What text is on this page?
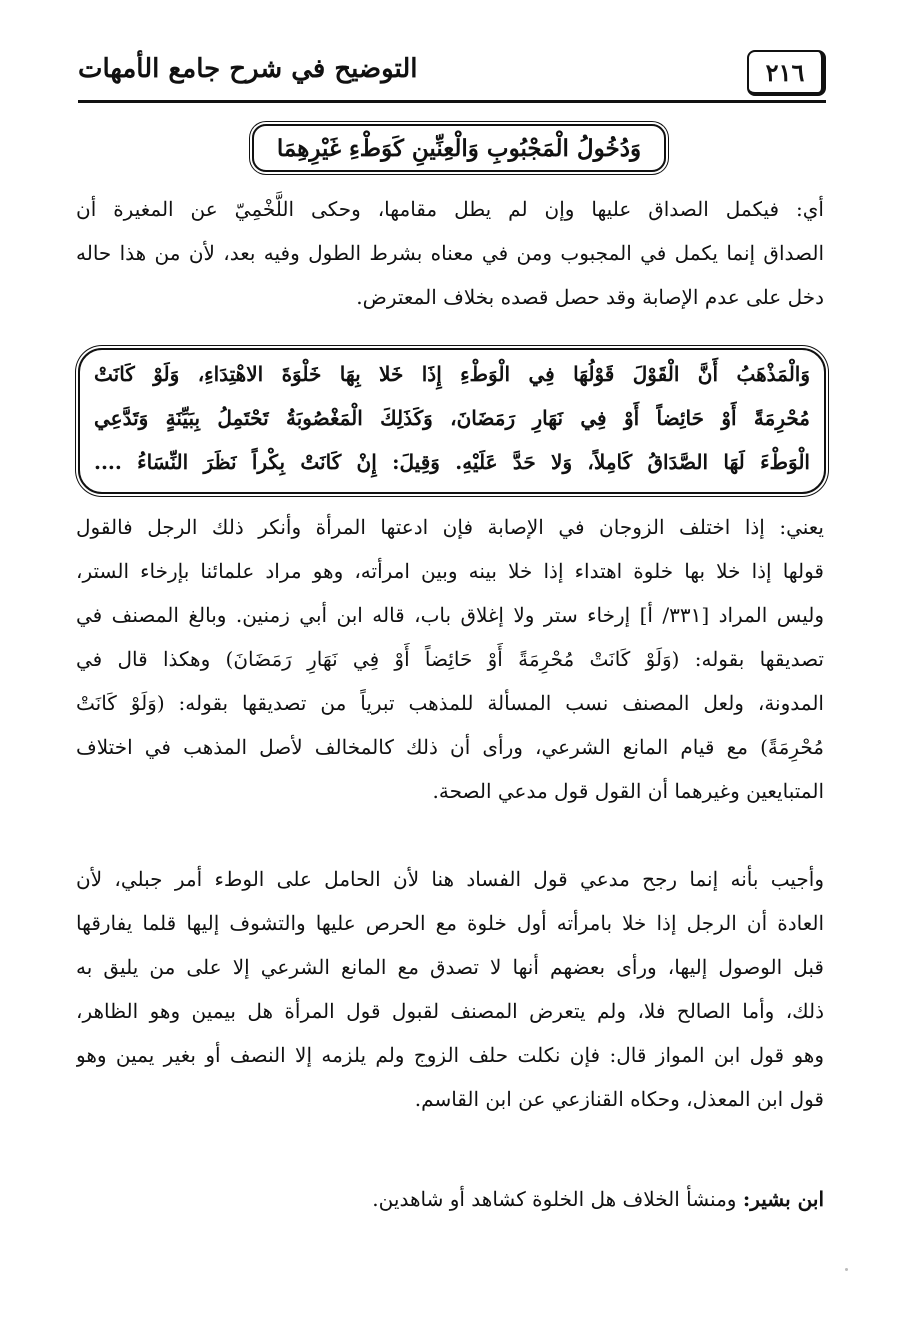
٢١٦
التوضيح في شرح جامع الأمهات
وَدُخُولُ الْمَجْبُوبِ وَالْعِنِّينِ كَوَطْءِ غَيْرِهِمَا
أي: فيكمل الصداق عليها وإن لم يطل مقامها، وحكى اللَّخْمِيّ عن المغيرة أن
الصداق إنما يكمل في المجبوب ومن في معناه بشرط الطول وفيه بعد، لأن من هذا حاله
دخل على عدم الإصابة وقد حصل قصده بخلاف المعترض.
وَالْمَذْهَبُ أَنَّ الْقَوْلَ قَوْلُهَا فِي الْوَطْءِ إِذَا خَلا بِهَا خَلْوَةَ الاهْتِدَاءِ، وَلَوْ كَانَتْ
مُحْرِمَةً أَوْ حَائِضاً أَوْ فِي نَهَارِ رَمَضَانَ، وَكَذَلِكَ الْمَغْصُوبَةُ تَحْتَمِلُ بِبَيِّنَةٍ وَتَدَّعِي
الْوَطْءَ لَهَا الصَّدَاقُ كَامِلاً، وَلا حَدَّ عَلَيْهِ. وَقِيلَ: إِنْ كَانَتْ بِكْراً نَظَرَ النِّسَاءُ ....
يعني: إذا اختلف الزوجان في الإصابة فإن ادعتها المرأة وأنكر ذلك الرجل فالقول
قولها إذا خلا بها خلوة اهتداء إذا خلا بينه وبين امرأته، وهو مراد علمائنا بإرخاء الستر،
وليس المراد [٣٣١/ أ] إرخاء ستر ولا إغلاق باب، قاله ابن أبي زمنين. وبالغ المصنف في
تصديقها بقوله: (وَلَوْ كَانَتْ مُحْرِمَةً أَوْ حَائِضاً أَوْ فِي نَهَارِ رَمَضَانَ) وهكذا قال في
المدونة، ولعل المصنف نسب المسألة للمذهب تبرياً من تصديقها بقوله: (وَلَوْ كَانَتْ
مُحْرِمَةً) مع قيام المانع الشرعي، ورأى أن ذلك كالمخالف لأصل المذهب في اختلاف
المتبايعين وغيرهما أن القول قول مدعي الصحة.
وأجيب بأنه إنما رجح مدعي قول الفساد هنا لأن الحامل على الوطء أمر جبلي، لأن
العادة أن الرجل إذا خلا بامرأته أول خلوة مع الحرص عليها والتشوف إليها قلما يفارقها
قبل الوصول إليها، ورأى بعضهم أنها لا تصدق مع المانع الشرعي إلا على من يليق به
ذلك، وأما الصالح فلا، ولم يتعرض المصنف لقبول قول المرأة هل بيمين وهو الظاهر،
وهو قول ابن المواز قال: فإن نكلت حلف الزوج ولم يلزمه إلا النصف أو بغير يمين وهو
قول ابن المعذل، وحكاه القنازعي عن ابن القاسم.
ابن بشير: ومنشأ الخلاف هل الخلوة كشاهد أو شاهدين.
